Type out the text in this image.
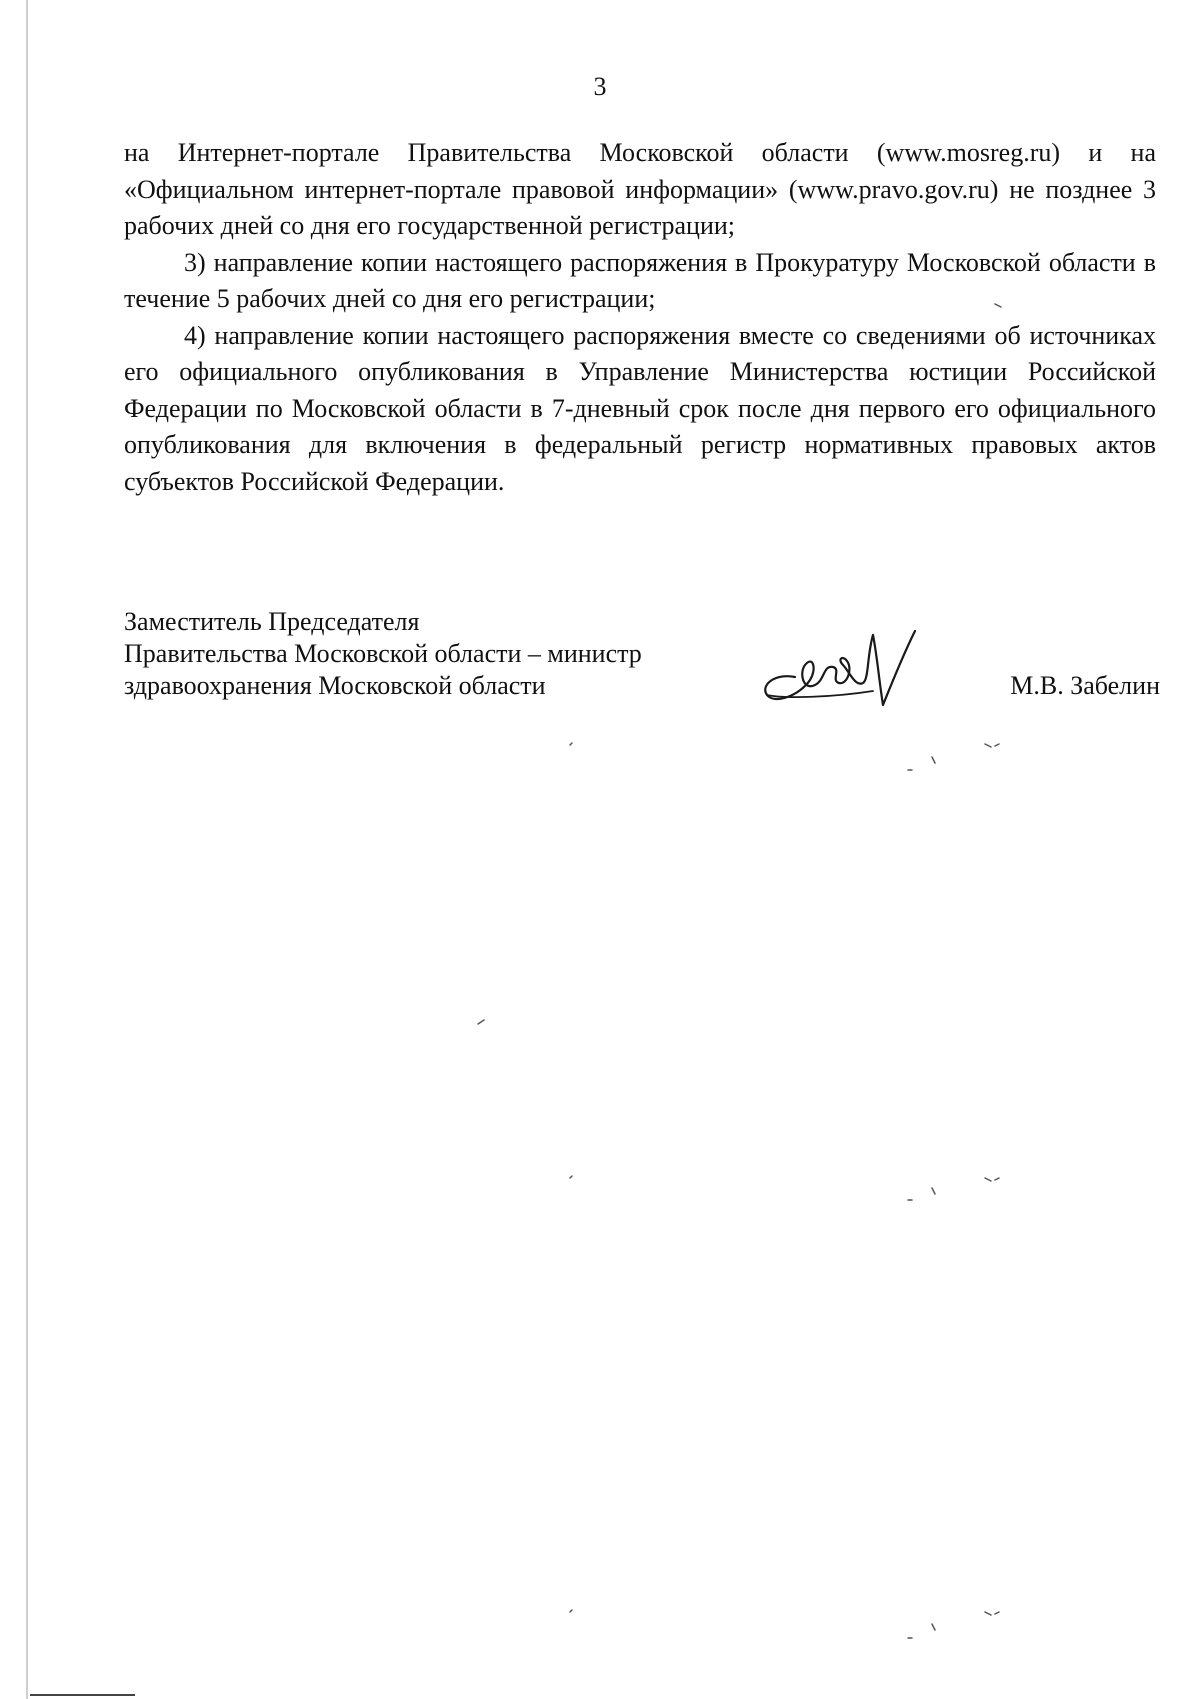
3

на Интернет-портале Правительства Московской области (www.mosreg.ru) и на «Официальном интернет-портале правовой информации» (www.pravo.gov.ru) не позднее 3 рабочих дней со дня его государственной регистрации;

3) направление копии настоящего распоряжения в Прокуратуру Московской области в течение 5 рабочих дней со дня его регистрации;

4) направление копии настоящего распоряжения вместе со сведениями об источниках его официального опубликования в Управление Министерства юстиции Российской Федерации по Московской области в 7-дневный срок после дня первого его официального опубликования для включения в федеральный регистр нормативных правовых актов субъектов Российской Федерации.

Заместитель Председателя
Правительства Московской области – министр
здравоохранения Московской области	М.В. Забелин
